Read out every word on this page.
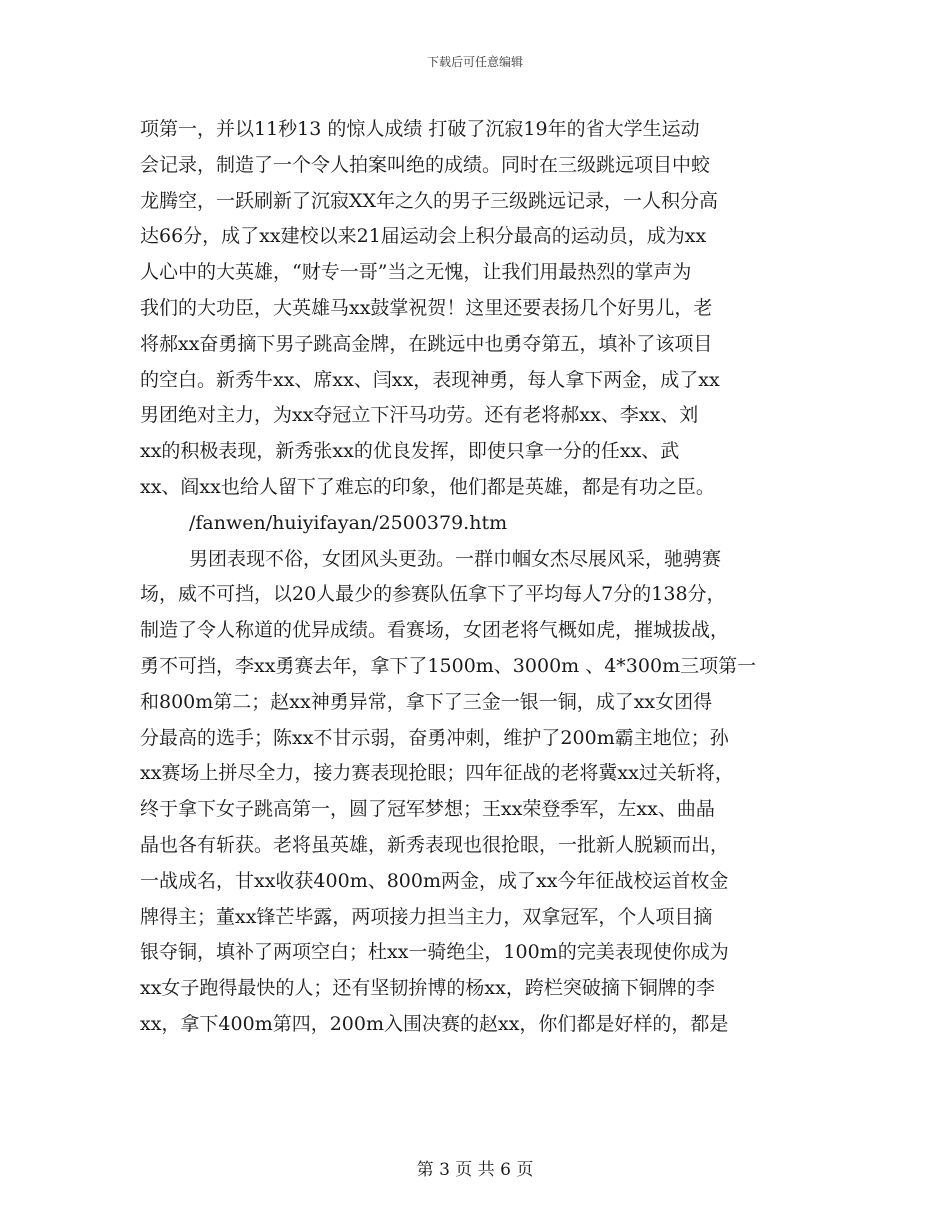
下载后可任意编辑
项第一，并以11秒13 的惊人成绩 打破了沉寂19年的省大学生运动
会记录，制造了一个令人拍案叫绝的成绩。同时在三级跳远项目中蛟
龙腾空，一跃刷新了沉寂XX年之久的男子三级跳远记录，一人积分高
达66分，成了xx建校以来21届运动会上积分最高的运动员，成为xx
人心中的大英雄，“财专一哥”当之无愧，让我们用最热烈的掌声为
我们的大功臣，大英雄马xx鼓掌祝贺！这里还要表扬几个好男儿，老
将郝xx奋勇摘下男子跳高金牌，在跳远中也勇夺第五，填补了该项目
的空白。新秀牛xx、席xx、闫xx，表现神勇，每人拿下两金，成了xx
男团绝对主力，为xx夺冠立下汗马功劳。还有老将郝xx、李xx、刘
xx的积极表现，新秀张xx的优良发挥，即使只拿一分的任xx、武
xx、阎xx也给人留下了难忘的印象，他们都是英雄，都是有功之臣。
/fanwen/huiyifayan/2500379.htm
男团表现不俗，女团风头更劲。一群巾帼女杰尽展风采，驰骋赛
场，威不可挡，以20人最少的参赛队伍拿下了平均每人7分的138分，
制造了令人称道的优异成绩。看赛场，女团老将气概如虎，摧城拔战，
勇不可挡，李xx勇赛去年，拿下了1500m、3000m 、4*300m三项第一
和800m第二；赵xx神勇异常，拿下了三金一银一铜，成了xx女团得
分最高的选手；陈xx不甘示弱，奋勇冲刺，维护了200m霸主地位；孙
xx赛场上拼尽全力，接力赛表现抢眼；四年征战的老将冀xx过关斩将，
终于拿下女子跳高第一，圆了冠军梦想；王xx荣登季军，左xx、曲晶
晶也各有斩获。老将虽英雄，新秀表现也很抢眼，一批新人脱颖而出，
一战成名，甘xx收获400m、800m两金，成了xx今年征战校运首枚金
牌得主；董xx锋芒毕露，两项接力担当主力，双拿冠军，个人项目摘
银夺铜，填补了两项空白；杜xx一骑绝尘，100m的完美表现使你成为
xx女子跑得最快的人；还有坚韧拚博的杨xx，跨栏突破摘下铜牌的李
xx，拿下400m第四，200m入围决赛的赵xx，你们都是好样的，都是
第 3 页 共 6 页
